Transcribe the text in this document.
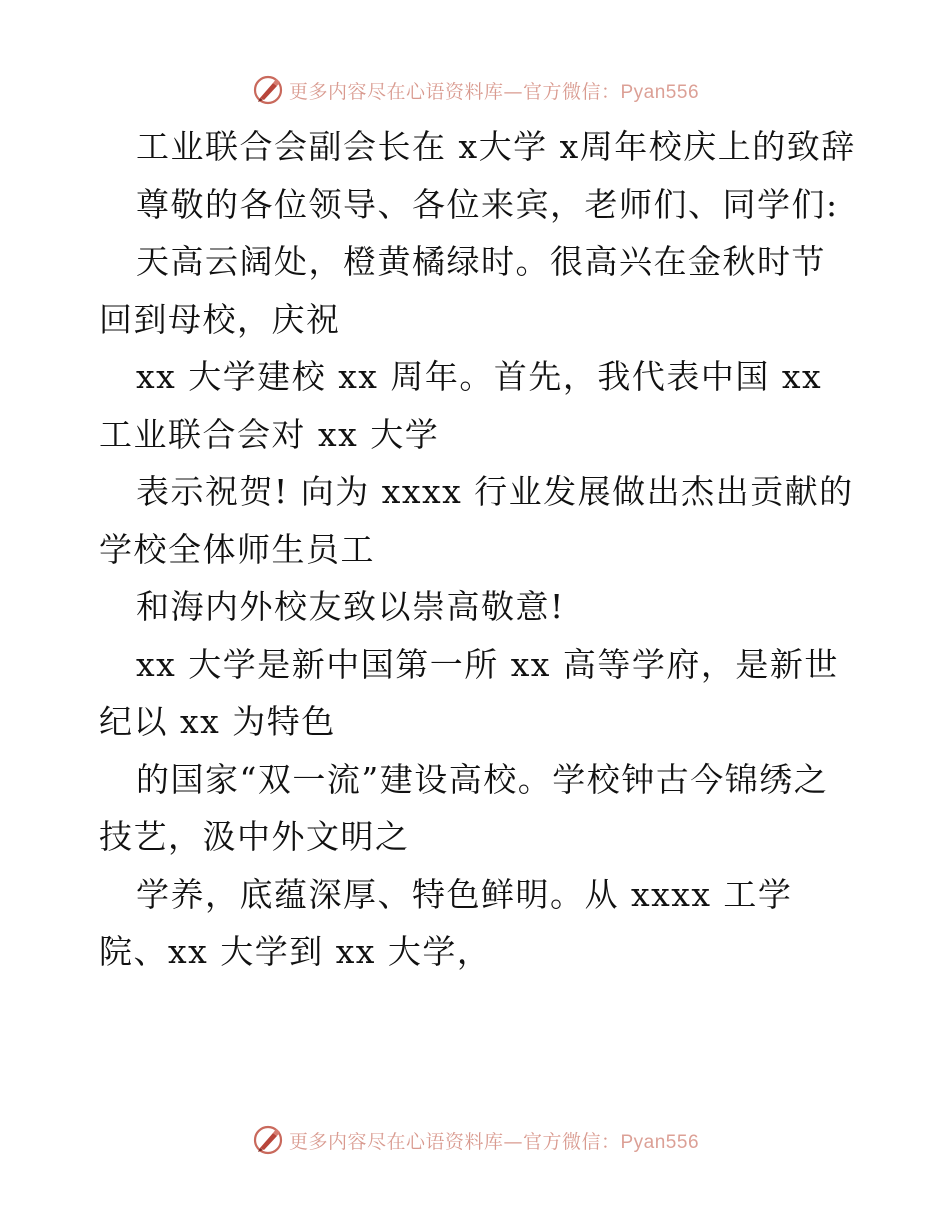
更多内容尽在心语资料库—官方微信：Pyan556

工业联合会副会长在 x大学 x周年校庆上的致辞

尊敬的各位领导、各位来宾，老师们、同学们:

天高云阔处，橙黄橘绿时。很高兴在金秋时节回到母校，庆祝

xx 大学建校 xx 周年。首先，我代表中国 xx 工业联合会对 xx 大学

表示祝贺! 向为 xxxx 行业发展做出杰出贡献的学校全体师生员工

和海内外校友致以崇高敬意!

xx 大学是新中国第一所 xx 高等学府，是新世纪以 xx 为特色

的国家“双一流”建设高校。学校钟古今锦绣之技艺，汲中外文明之

学养，底蕴深厚、特色鲜明。从 xxxx 工学院、xx 大学到 xx 大学，

更多内容尽在心语资料库—官方微信：Pyan556
